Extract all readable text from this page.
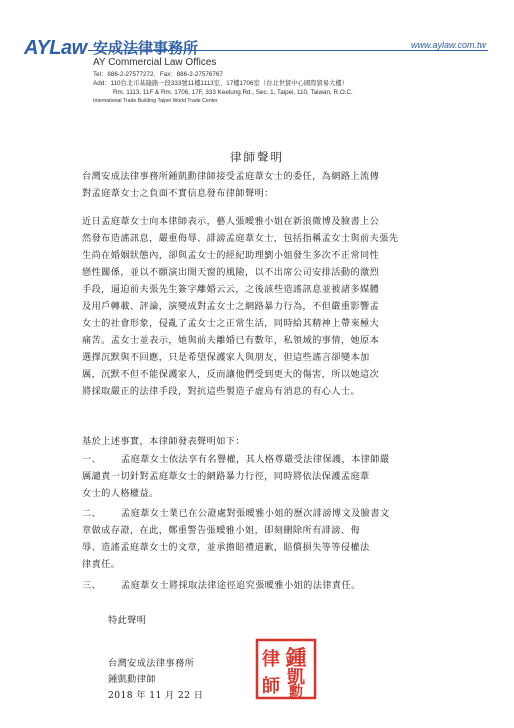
AYLaw 安成法律事務所	www.aylaw.com.tw
AY Commercial Law Offices
Tel：886-2-27577272．Fax：886-2-27576767
Add：110台北市基隆路一段333號11樓1113室、17樓1706室（台北世貿中心國際貿易大樓）
Rm. 1113, 11F & Rm. 1706, 17F, 333 Keelung Rd., Sec. 1, Taipei, 110, Taiwan, R.O.C.
International Trade Building Taipei World Trade Center
律師聲明

台灣安成法律事務所鍾凱勳律師接受孟庭葦女士的委任，為網路上流傳

對孟庭葦女士之負面不實信息發布律師聲明：

近日孟庭葦女士向本律師表示，藝人張曖雅小姐在新浪微博及臉書上公

然發布造謠訊息，嚴重侮辱、誹謗孟庭葦女士，包括指稱孟女士與前夫張先

生尚在婚姻狀態內，卻與孟女士的經紀助理劉小姐發生多次不正常同性

戀性關係，並以不願演出開天窗的風險，以不出席公司安排活動的激烈

手段，逼迫前夫張先生簽字離婚云云，之後該些造謠訊息並被諸多媒體

及用戶轉載、評論，演變成對孟女士之網路暴力行為，不但嚴重影響孟

女士的社會形象，侵亂了孟女士之正常生活，同時給其精神上帶來極大

痛苦。孟女士並表示，她與前夫離婚已有數年，私領域的事情，她原本

選擇沉默與不回應，只是希望保護家人與朋友，但這些謠言卻變本加

厲，沉默不但不能保護家人，反而讓他們受到更大的傷害，所以她這次

將採取嚴正的法律手段，對抗這些製造子虛烏有消息的有心人士。

基於上述事實，本律師發表聲明如下：
一、 孟庭葦女士依法享有名譽權，其人格尊嚴受法律保護，本律師嚴
厲譴責一切針對孟庭葦女士的網路暴力行徑，同時將依法保護孟庭葦
女士的人格權益。
二、 孟庭葦女士業已在公證處對張曖雅小姐的歷次誹謗博文及臉書文
章做成存證，在此，鄭重警告張曖雅小姐，即刻刪除所有誹謗、侮
辱、造謠孟庭葦女士的文章，並承擔賠禮道歉，賠償損失等等侵權法
律責任。
三、 孟庭葦女士將採取法律途徑追究張曖雅小姐的法律責任。
特此聲明
台灣安成法律事務所
鍾凱勳律師
2018 年 11 月 22 日
鍾
凱
勳
律
師
